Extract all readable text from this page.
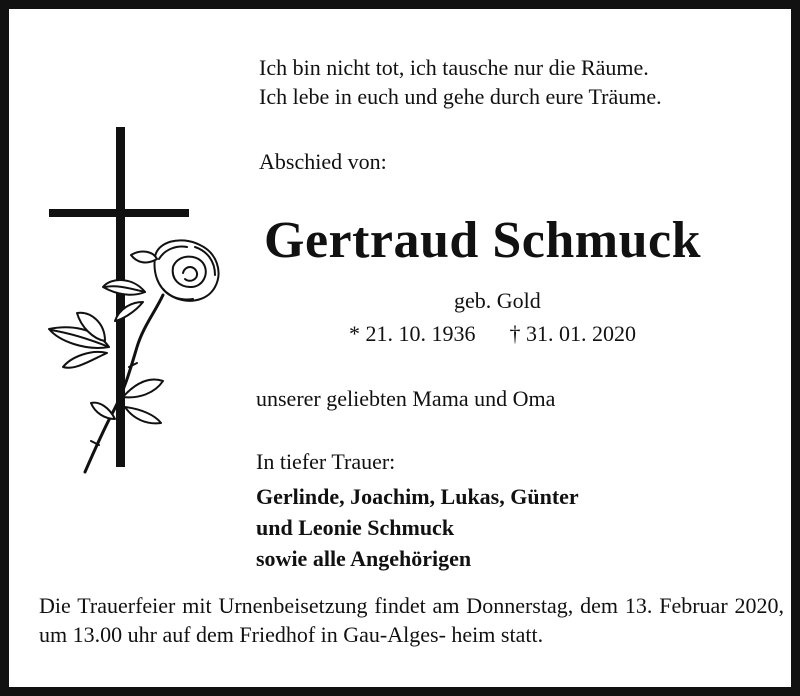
Ich bin nicht tot, ich tausche nur die Räume.
Ich lebe in euch und gehe durch eure Träume.
Abschied von:
Gertraud Schmuck
geb. Gold
* 21. 10. 1936 † 31. 01. 2020
unserer geliebten Mama und Oma
In tiefer Trauer:
Gerlinde, Joachim, Lukas, Günter
und Leonie Schmuck
sowie alle Angehörigen
Die Trauerfeier mit Urnenbeisetzung findet am Donnerstag, dem 13. Februar 2020, um 13.00 uhr auf dem Friedhof in Gau-Alges- heim statt.
